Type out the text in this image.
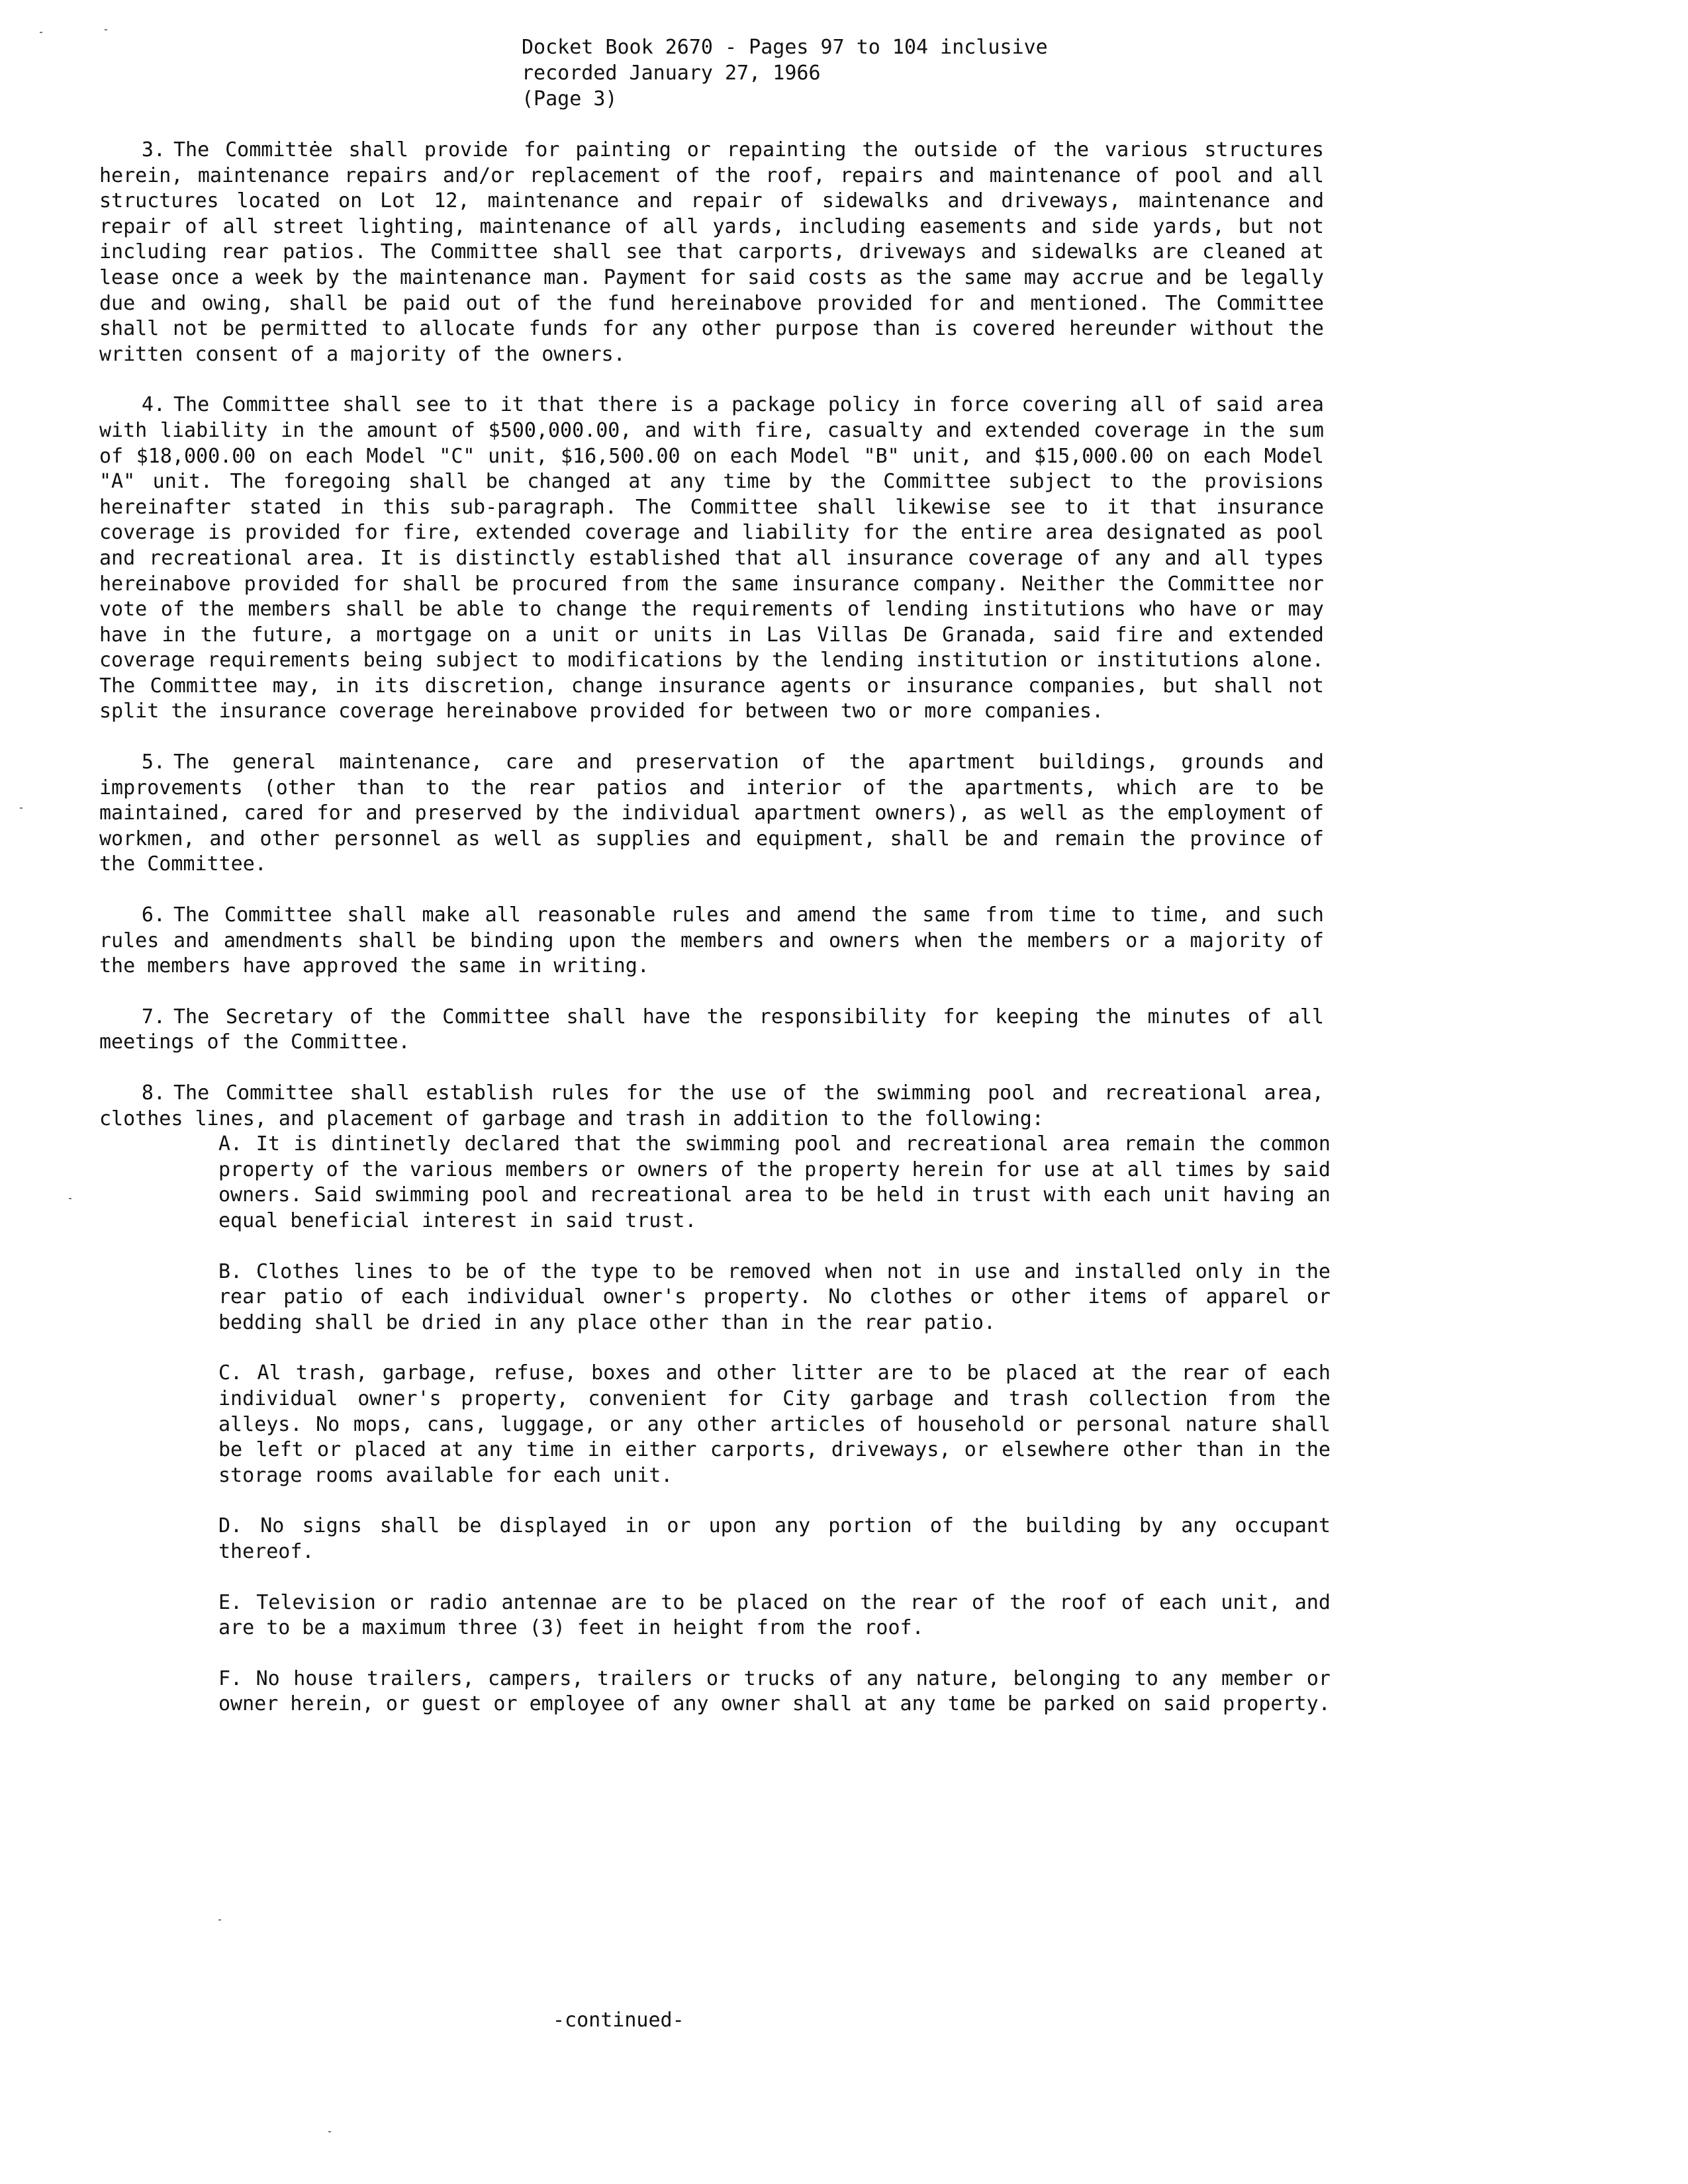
Docket Book 2670 - Pages 97 to 104 inclusive
recorded January 27, 1966
(Page 3)

3. The Committėe shall provide for painting or repainting the outside of the various structures herein, maintenance repairs and/or replacement of the roof, repairs and maintenance of pool and all structures located on Lot 12, maintenance and repair of sidewalks and driveways, maintenance and repair of all street lighting, maintenance of all yards, including easements and side yards, but not including rear patios. The Committee shall see that carports, driveways and sidewalks are cleaned at lease once a week by the maintenance man. Payment for said costs as the same may accrue and be legally due and owing, shall be paid out of the fund hereinabove provided for and mentioned. The Committee shall not be permitted to allocate funds for any other purpose than is covered hereunder without the written consent of a majority of the owners.

4. The Committee shall see to it that there is a package policy in force covering all of said area with liability in the amount of $500,000.00, and with fire, casualty and extended coverage in the sum of $18,000.00 on each Model "C" unit, $16,500.00 on each Model "B" unit, and $15,000.00 on each Model "A" unit. The foregoing shall be changed at any time by the Committee subject to the provisions hereinafter stated in this sub-paragraph. The Committee shall likewise see to it that insurance coverage is provided for fire, extended coverage and liability for the entire area designated as pool and recreational area. It is distinctly established that all insurance coverage of any and all types hereinabove provided for shall be procured from the same insurance company. Neither the Committee nor vote of the members shall be able to change the requirements of lending institutions who have or may have in the future, a mortgage on a unit or units in Las Villas De Granada, said fire and extended coverage requirements being subject to modifications by the lending institution or institutions alone. The Committee may, in its discretion, change insurance agents or insurance companies, but shall not split the insurance coverage hereinabove provided for between two or more companies.

5. The general maintenance, care and preservation of the apartment buildings, grounds and improvements (other than to the rear patios and interior of the apartments, which are to be maintained, cared for and preserved by the individual apartment owners), as well as the employment of workmen, and other personnel as well as supplies and equipment, shall be and remain the province of the Committee.

6. The Committee shall make all reasonable rules and amend the same from time to time, and such rules and amendments shall be binding upon the members and owners when the members or a majority of the members have approved the same in writing.

7. The Secretary of the Committee shall have the responsibility for keeping the minutes of all meetings of the Committee.

8. The Committee shall establish rules for the use of the swimming pool and recreational area, clothes lines, and placement of garbage and trash in addition to the following:

A. It is dintinetly declared that the swimming pool and recreational area remain the common property of the various members or owners of the property herein for use at all times by said owners. Said swimming pool and recreational area to be held in trust with each unit having an equal beneficial interest in said trust.

B. Clothes lines to be of the type to be removed when not in use and installed only in the rear patio of each individual owner's property. No clothes or other items of apparel or bedding shall be dried in any place other than in the rear patio.

C. Al trash, garbage, refuse, boxes and other litter are to be placed at the rear of each individual owner's property, convenient for City garbage and trash collection from the alleys. No mops, cans, luggage, or any other articles of household or personal nature shall be left or placed at any time in either carports, driveways, or elsewhere other than in the storage rooms available for each unit.

D. No signs shall be displayed in or upon any portion of the building by any occupant thereof.

E. Television or radio antennae are to be placed on the rear of the roof of each unit, and are to be a maximum three (3) feet in height from the roof.

F. No house trailers, campers, trailers or trucks of any nature, belonging to any member or owner herein, or guest or employee of any owner shall at any tɑme be parked on said property.

-continued-
